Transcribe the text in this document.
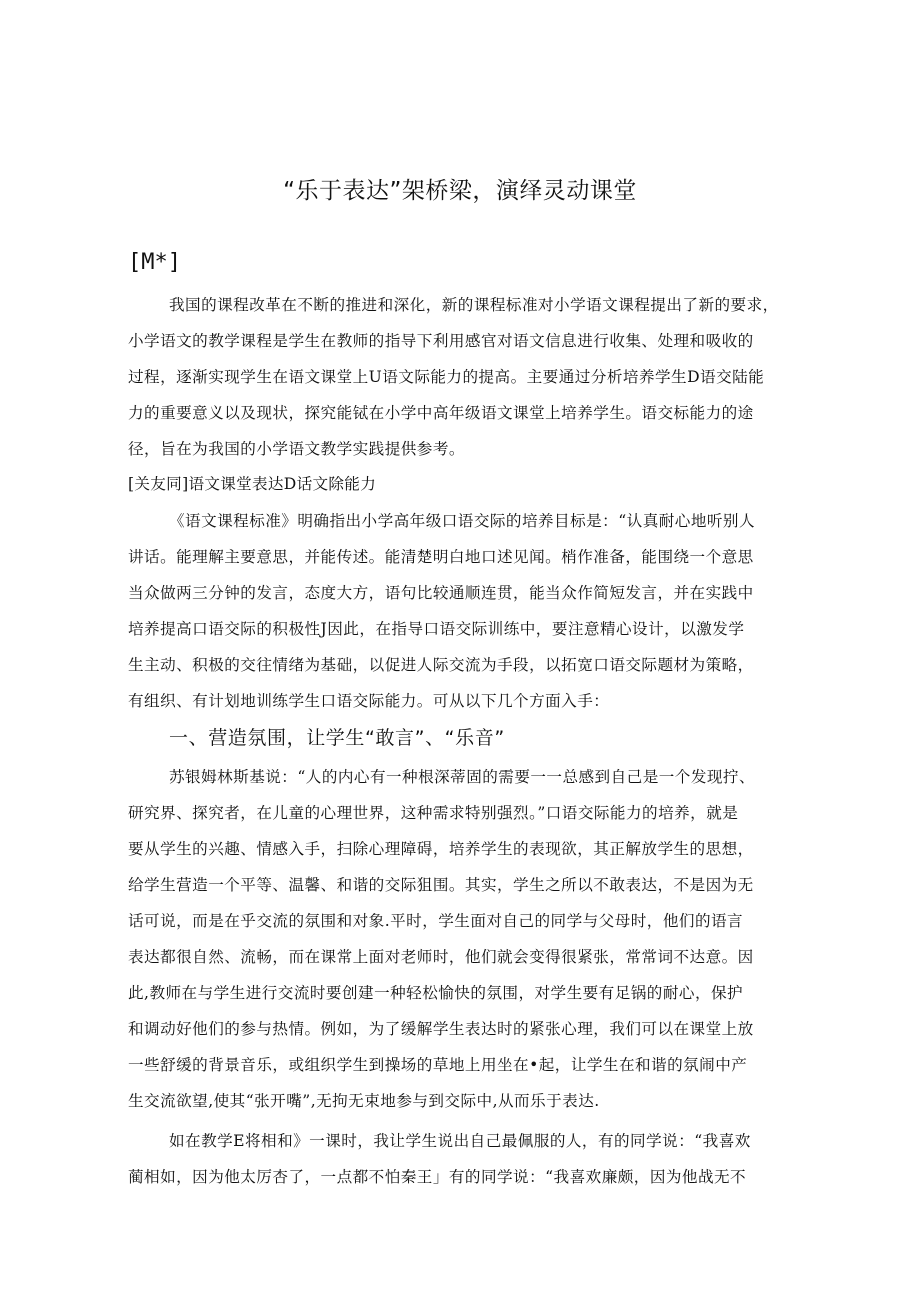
“乐于表达”架桥梁，演绎灵动课堂
[M*]
我国的课程改革在不断的推进和深化，新的课程标准对小学语文课程提出了新的要求，
小学语文的教学课程是学生在教师的指导下利用感官对语文信息进行收集、处理和吸收的
过程，逐渐实现学生在语文课堂上U语文际能力的提高。主要通过分析培养学生D语交陆能
力的重要意义以及现状，探究能铽在小学中高年级语文课堂上培养学生。语交标能力的途
径，旨在为我国的小学语文教学实践提供参考。
[关友同]语文课堂表达D话文除能力
《语文课程标准》明确指出小学高年级口语交际的培养目标是：“认真耐心地听别人
讲话。能理解主要意思，并能传述。能清楚明白地口述见闻。梢作准备，能围绕一个意思
当众做两三分钟的发言，态度大方，语句比较通顺连贯，能当众作简短发言，并在实践中
培养提高口语交际的积极性J因此，在指导口语交际训练中，要注意精心设计，以激发学
生主动、积极的交往情绪为基础，以促进人际交流为手段，以拓宽口语交际题材为策略，
有组织、有计划地训练学生口语交际能力。可从以下几个方面入手：
一、营造氛围，让学生“敢言”、“乐音”
苏银姆林斯基说：“人的内心有一种根深蒂固的需要一一总感到自己是一个发现拧、
研究界、探究者，在儿童的心理世界，这种需求特别强烈。”口语交际能力的培养，就是
要从学生的兴趣、情感入手，扫除心理障碍，培养学生的表现欲，其正解放学生的思想，
给学生营造一个平等、温馨、和谐的交际狙围。其实，学生之所以不敢表达，不是因为无
话可说，而是在乎交流的氛围和对象.平时，学生面对自己的同学与父母时，他们的语言
表达都很自然、流畅，而在课常上面对老师时，他们就会变得很紧张，常常词不达意。因
此,教师在与学生进行交流时要创建一种轻松愉快的氛围，对学生要有足锅的耐心，保护
和调动好他们的参与热情。例如，为了缓解学生表达时的紧张心理，我们可以在课堂上放
一些舒缓的背景音乐，或组织学生到操场的草地上用坐在•起，让学生在和谐的氛闹中产
生交流欲望,使其“张开嘴”,无拘无束地参与到交际中,从而乐于表达.
如在教学E将相和》一课时，我让学生说出自己最佩服的人，有的同学说：“我喜欢
蔺相如，因为他太厉杏了，一点都不怕秦王」有的同学说：“我喜欢廉颇，因为他战无不
